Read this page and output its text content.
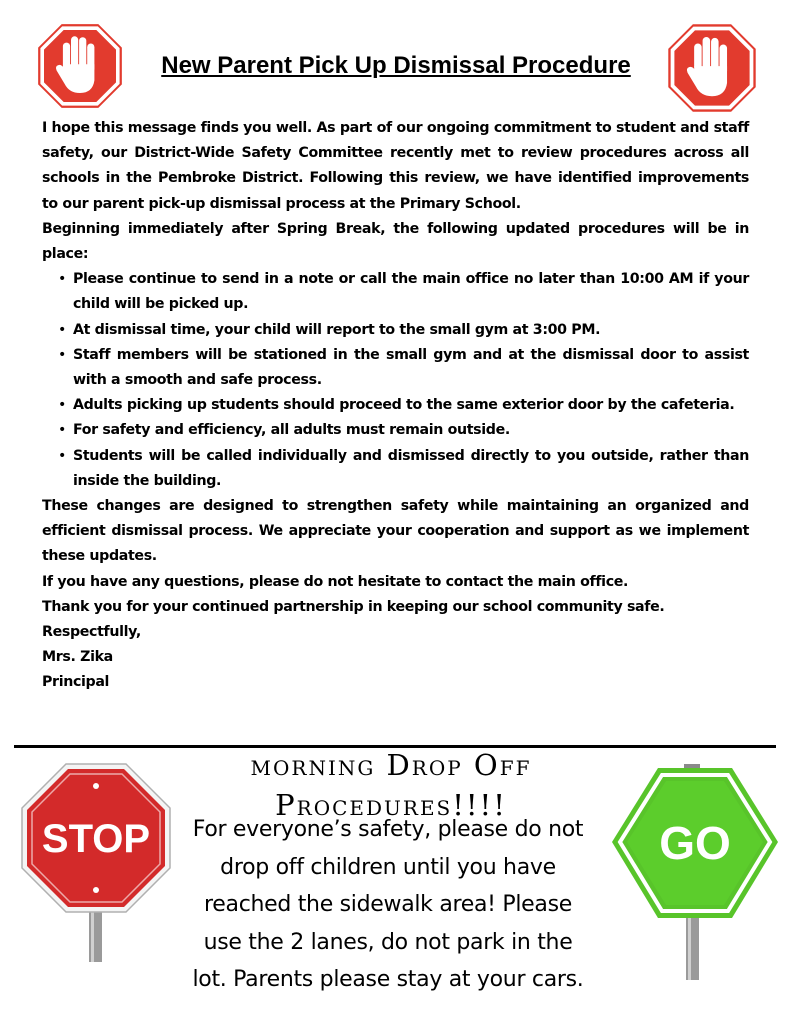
New Parent Pick Up Dismissal Procedure

I hope this message finds you well. As part of our ongoing commitment to student and staff safety, our District-Wide Safety Committee recently met to review procedures across all schools in the Pembroke District. Following this review, we have identified improvements to our parent pick-up dismissal process at the Primary School.

Beginning immediately after Spring Break, the following updated procedures will be in place:

• Please continue to send in a note or call the main office no later than 10:00 AM if your child will be picked up.
• At dismissal time, your child will report to the small gym at 3:00 PM.
• Staff members will be stationed in the small gym and at the dismissal door to assist with a smooth and safe process.
• Adults picking up students should proceed to the same exterior door by the cafeteria.
• For safety and efficiency, all adults must remain outside.
• Students will be called individually and dismissed directly to you outside, rather than inside the building.

These changes are designed to strengthen safety while maintaining an organized and efficient dismissal process. We appreciate your cooperation and support as we implement these updates.

If you have any questions, please do not hesitate to contact the main office.

Thank you for your continued partnership in keeping our school community safe.

Respectfully,

Mrs. Zika

Principal

STOP
morning Drop Off
Procedures!!!!
For everyone’s safety, please do not
drop off children until you have
reached the sidewalk area! Please
use the 2 lanes, do not park in the
lot. Parents please stay at your cars.
GO
